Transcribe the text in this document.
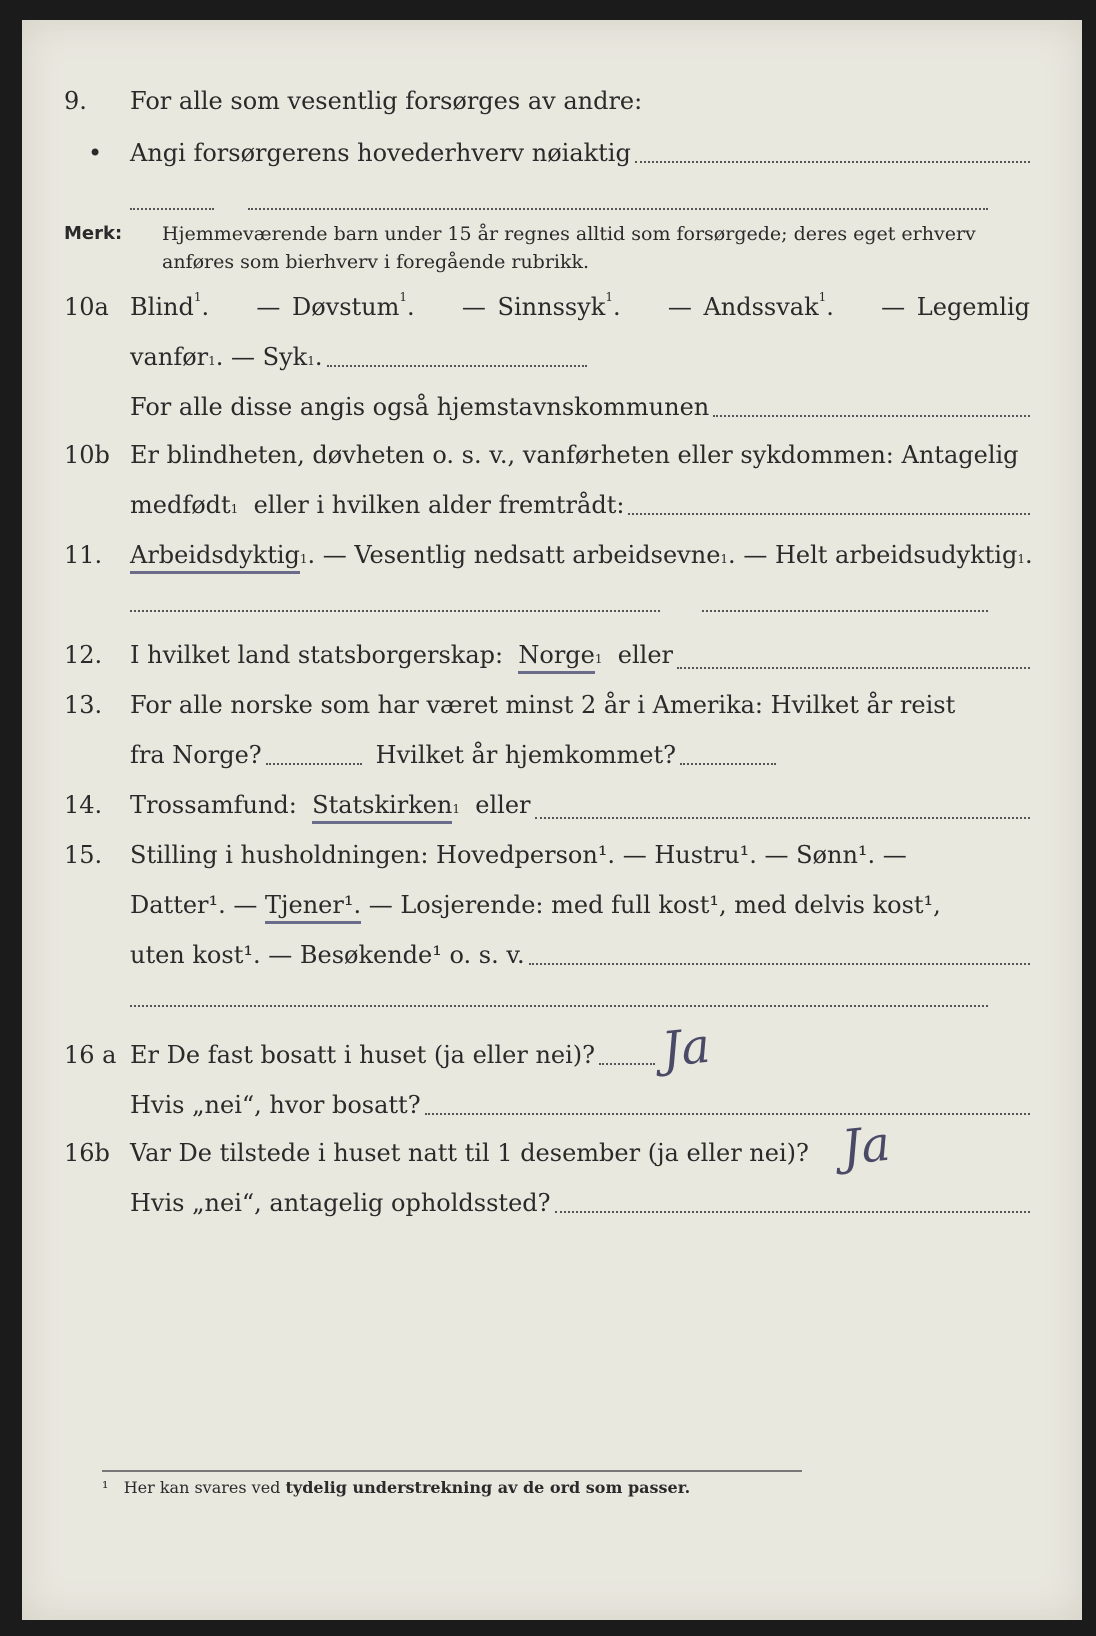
9. For alle som vesentlig forsørges av andre:
• Angi forsørgerens hovederhverv nøiaktig
Merk: Hjemmeværende barn under 15 år regnes alltid som forsørgede; deres eget erhverv
anføres som bierhverv i foregående rubrikk.
10a Blind$^1$. — Døvstum$^1$. — Sinnssyk$^1$. — Andssvak$^1$. — Legemlig
vanfør 1 . — Syk 1 .
For alle disse angis også hjemstavnskommunen
10b Er blindheten, døvheten o. s. v., vanførheten eller sykdommen: Antagelig
medfødt 1
eller i hvilken alder fremtrådt:
11. Arbeidsdyktig 1 . — Vesentlig nedsatt arbeidsevne 1 . — Helt arbeidsudyktig 1 .
12. I hvilket land statsborgerskap:
Norge 1
eller
13. For alle norske som har været minst 2 år i Amerika: Hvilket år reist
fra Norge?	Hvilket år hjemkommet?
14. Trossamfund:
Statskirken 1
eller
15. Stilling i husholdningen: Hovedperson¹. — Hustru¹. — Sønn¹. —
Datter¹. —
Tjener¹.
— Losjerende: med full kost¹, med delvis kost¹,
uten kost¹. — Besøkende¹ o. s. v.
16 a Er De fast bosatt i huset (ja eller nei)? Ja
Hvis „nei“, hvor bosatt?
16b Var De tilstede i huset natt til 1 desember (ja eller nei)? Ja
Hvis „nei“, antagelig opholdssted?
¹ Her kan svares ved tydelig understrekning av de ord som passer.
